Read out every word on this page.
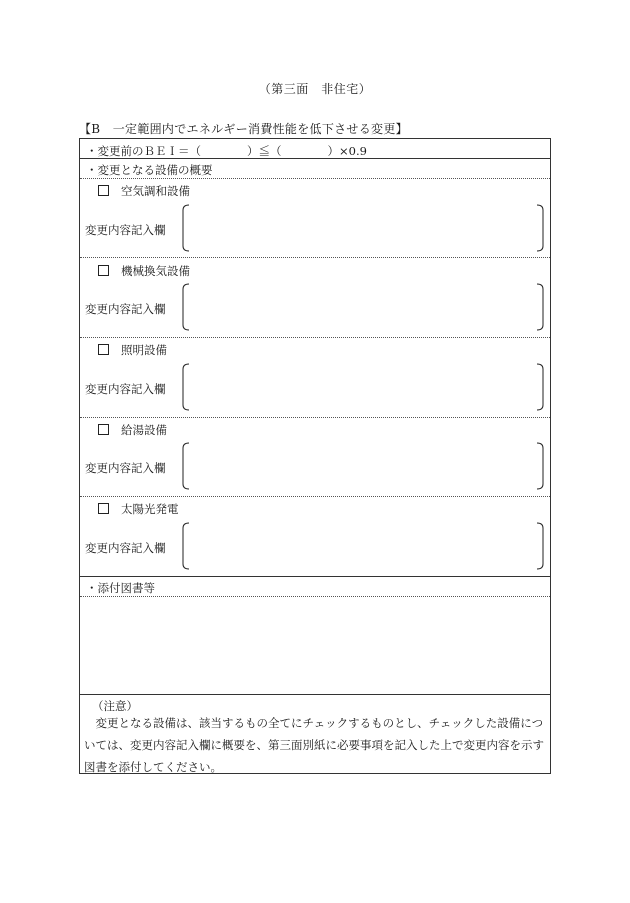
（第三面　非住宅）
【B　一定範囲内でエネルギー消費性能を低下させる変更】
・変更前のＢＥＩ＝（　　　　）≦（　　　　）×0.9
・変更となる設備の概要
空気調和設備
変更内容記入欄
機械換気設備
変更内容記入欄
照明設備
変更内容記入欄
給湯設備
変更内容記入欄
太陽光発電
変更内容記入欄
・添付図書等
（注意）
変更となる設備は、該当するもの全てにチェックするものとし、チェックした設備については、変更内容記入欄に概要を、第三面別紙に必要事項を記入した上で変更内容を示す図書を添付してください。
